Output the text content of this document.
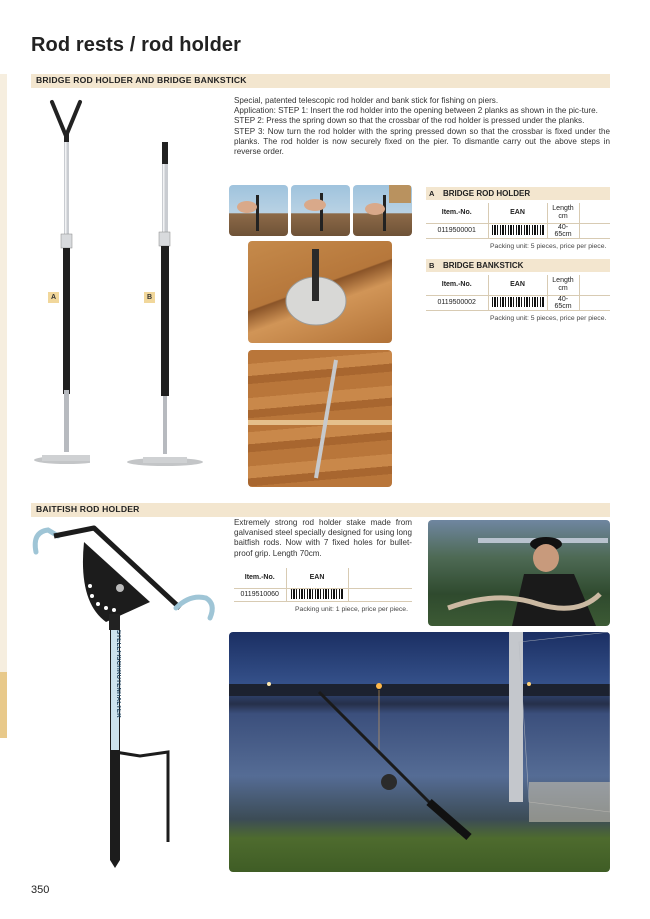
Rod rests / rod holder
BRIDGE ROD HOLDER AND BRIDGE BANKSTICK
A	B
Special, patented telescopic rod holder and bank stick for fishing on piers.
Application: STEP 1: Insert the rod holder into the opening between 2 planks as shown in the pic-ture.
STEP 2: Press the spring down so that the crossbar of the rod holder is pressed under the planks.
STEP 3: Now turn the rod holder with the spring pressed down so that the crossbar is fixed under the planks. The rod holder is now securely fixed on the pier. To dismantle carry out the above steps in reverse order.
A	BRIDGE ROD HOLDER
Item.-No.	EAN	Length cm	
0119500001		40-65cm	
Packing unit: 5 pieces, price per piece.
B	BRIDGE BANKSTICK
Item.-No.	EAN	Length cm	
0119500002		40-65cm	
Packing unit: 5 pieces, price per piece.
BAITFISH ROD HOLDER
STELLFISCHRUTENHALTER
Extremely strong rod holder stake made from galvanised steel specially designed for using long baitfish rods. Now with 7 fixed holes for bullet-proof grip. Length 70cm.
Item.-No.	EAN	
0119510060		
Packing unit: 1 piece, price per piece.
350
